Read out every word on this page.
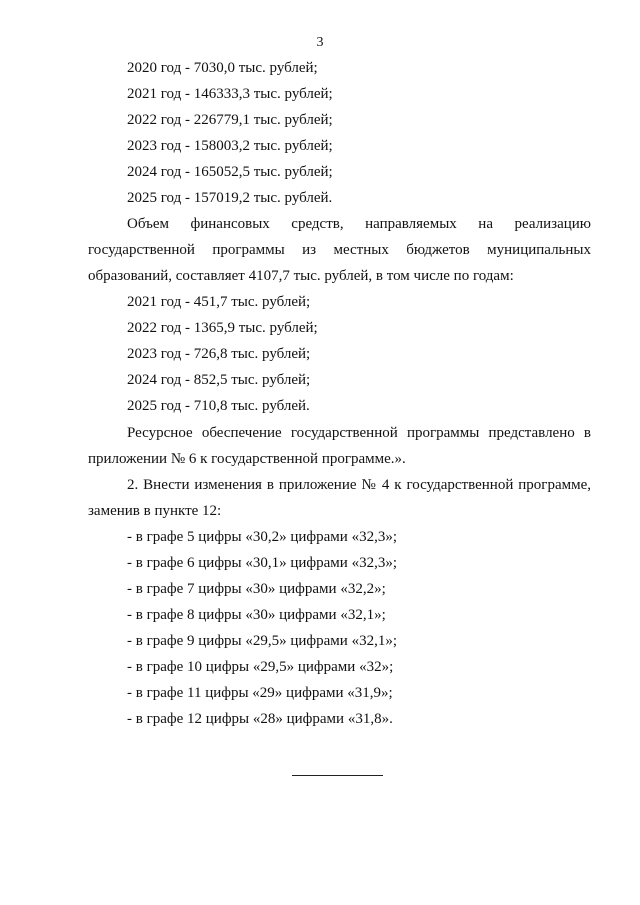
3
2020 год - 7030,0 тыс. рублей;
2021 год - 146333,3 тыс. рублей;
2022 год - 226779,1 тыс. рублей;
2023 год - 158003,2 тыс. рублей;
2024 год - 165052,5 тыс. рублей;
2025 год - 157019,2 тыс. рублей.
Объем финансовых средств, направляемых на реализацию
государственной программы из местных бюджетов муниципальных
образований, составляет 4107,7 тыс. рублей, в том числе по годам:
2021 год - 451,7 тыс. рублей;
2022 год - 1365,9 тыс. рублей;
2023 год - 726,8 тыс. рублей;
2024 год - 852,5 тыс. рублей;
2025 год - 710,8 тыс. рублей.
Ресурсное обеспечение государственной программы представлено в
приложении № 6 к государственной программе.».
2. Внести изменения в приложение № 4 к государственной программе,
заменив в пункте 12:
- в графе 5 цифры «30,2» цифрами «32,3»;
- в графе 6 цифры «30,1» цифрами «32,3»;
- в графе 7 цифры «30» цифрами «32,2»;
- в графе 8 цифры «30» цифрами «32,1»;
- в графе 9 цифры «29,5» цифрами «32,1»;
- в графе 10 цифры «29,5» цифрами «32»;
- в графе 11 цифры «29» цифрами «31,9»;
- в графе 12 цифры «28» цифрами «31,8».
